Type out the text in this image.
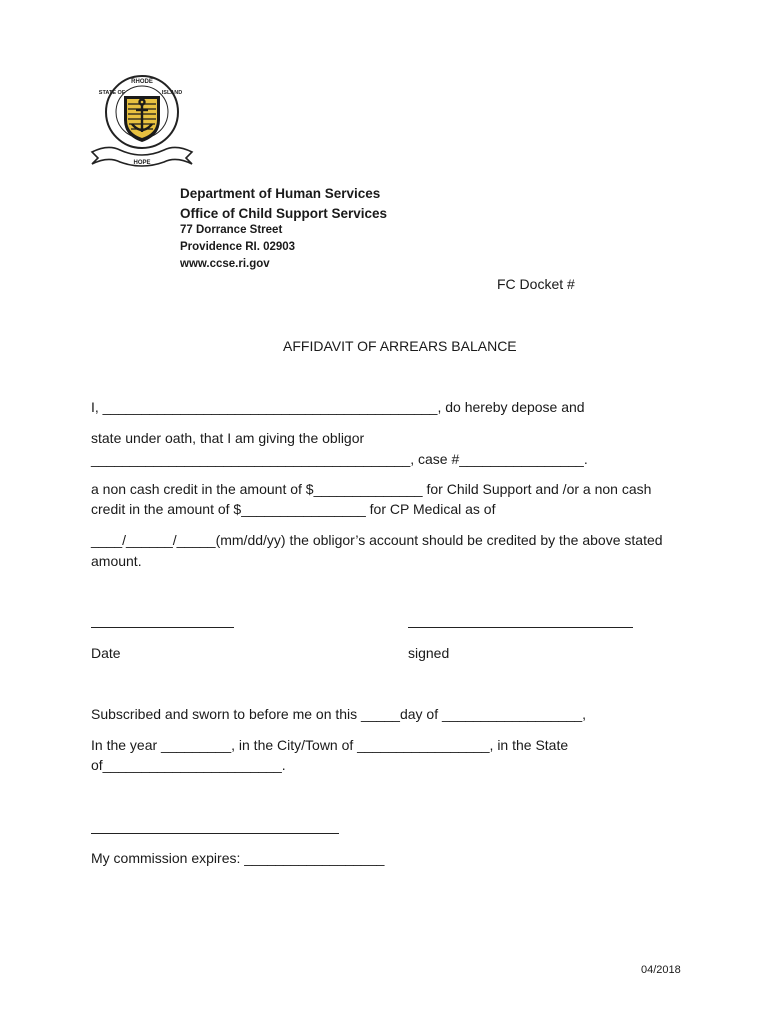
RHODE
STATE OF	ISLAND
HOPE
Department of Human Services
Office of Child Support Services
77 Dorrance Street
Providence RI. 02903
www.ccse.ri.gov
FC Docket #
AFFIDAVIT OF ARREARS BALANCE
I, ___________________________________________, do hereby depose and
state under oath, that I am giving the obligor
_________________________________________, case #________________.
a non cash credit in the amount of $______________ for Child Support and /or a non cash
credit in the amount of $________________ for CP Medical as of
____/______/_____(mm/dd/yy) the obligor’s account should be credited by the above stated
amount.
Date	signed
Subscribed and sworn to before me on this _____day of __________________,
In the year _________, in the City/Town of _________________, in the State
of_______________________.
My commission expires: __________________
04/2018
